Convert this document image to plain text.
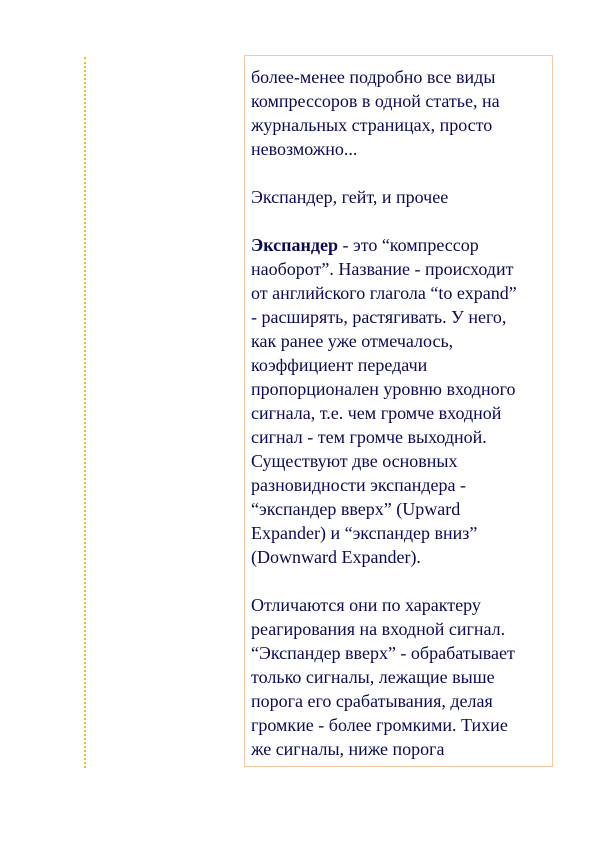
более-менее подробно все виды
компрессоров в одной статье, на
журнальных страницах, просто
невозможно...

Экспандер, гейт, и прочее

Экспандер - это “компрессор
наоборот”. Название - происходит
от английского глагола “to expand”
- расширять, растягивать. У него,
как ранее уже отмечалось,
коэффициент передачи
пропорционален уровню входного
сигнала, т.е. чем громче входной
сигнал - тем громче выходной.
Существуют две основных
разновидности экспандера -
“экспандер вверх” (Upward
Expander) и “экспандер вниз”
(Downward Expander).

Отличаются они по характеру
реагирования на входной сигнал.
“Экспандер вверх” - обрабатывает
только сигналы, лежащие выше
порога его срабатывания, делая
громкие - более громкими. Тихие
же сигналы, ниже порога
